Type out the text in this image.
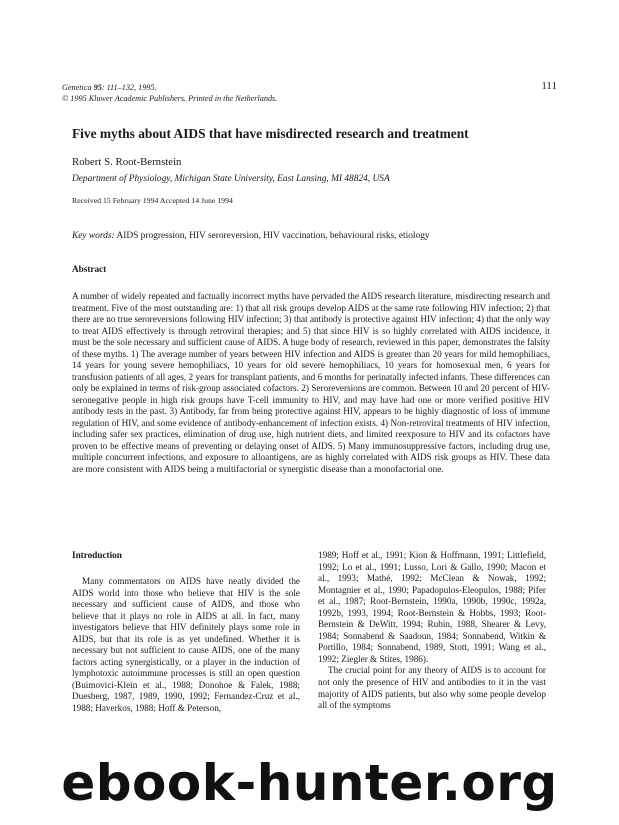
Genetica 95: 111–132, 1995.
© 1995 Kluwer Academic Publishers. Printed in the Netherlands.
111
Five myths about AIDS that have misdirected research and treatment
Robert S. Root-Bernstein
Department of Physiology, Michigan State University, East Lansing, MI 48824, USA
Received 15 February 1994 Accepted 14 June 1994
Key words: AIDS progression, HIV seroreversion, HIV vaccination, behavioural risks, etiology
Abstract
A number of widely repeated and factually incorrect myths have pervaded the AIDS research literature, misdirecting research and treatment. Five of the most outstanding are: 1) that all risk groups develop AIDS at the same rate following HIV infection; 2) that there are no true seroreversions following HIV infection; 3) that antibody is protective against HIV infection; 4) that the only way to treat AIDS effectively is through retroviral therapies; and 5) that since HIV is so highly correlated with AIDS incidence, it must be the sole necessary and sufficient cause of AIDS. A huge body of research, reviewed in this paper, demonstrates the falsity of these myths. 1) The average number of years between HIV infection and AIDS is greater than 20 years for mild hemophiliacs, 14 years for young severe hemophiliacs, 10 years for old severe hemophiliacs, 10 years for homosexual men, 6 years for transfusion patients of all ages, 2 years for transplant patients, and 6 months for perinatally infected infants. These differences can only be explained in terms of risk-group associated cofactors. 2) Seroreversions are common. Between 10 and 20 percent of HIV-seronegative people in high risk groups have T-cell immunity to HIV, and may have had one or more verified positive HIV antibody tests in the past. 3) Antibody, far from being protective against HIV, appears to be highly diagnostic of loss of immune regulation of HIV, and some evidence of antibody-enhancement of infection exists. 4) Non-retroviral treatments of HIV infection, including safer sex practices, elimination of drug use, high nutrient diets, and limited reexposure to HIV and its cofactors have proven to be effective means of preventing or delaying onset of AIDS. 5) Many immunosuppressive factors, including drug use, multiple concurrent infections, and exposure to alloantigens, are as highly correlated with AIDS risk groups as HIV. These data are more consistent with AIDS being a multifactorial or synergistic disease than a monofactorial one.
Introduction

Many commentators on AIDS have neatly divided the AIDS world into those who believe that HIV is the sole necessary and sufficient cause of AIDS, and those who believe that it plays no role in AIDS at all. In fact, many investigators believe that HIV definitely plays some role in AIDS, but that its role is as yet undefined. Whether it is necessary but not sufficient to cause AIDS, one of the many factors acting synergistically, or a player in the induction of lymphotoxic autoimmune processes is still an open question (Buimovici-Klein et al., 1988; Donohoe & Falek, 1988; Duesberg, 1987, 1989, 1990, 1992; Fernandez-Cruz et al., 1988; Haverkos, 1988; Hoff & Peterson,

1989; Hoff et al., 1991; Kion & Hoffmann, 1991; Littlefield, 1992; Lo et al., 1991; Lusso, Lori & Gallo, 1990; Macon et al., 1993; Mathé, 1992; McClean & Nowak, 1992; Montagnier et al., 1990; Papadopulos-Eleopulos, 1988; Pifer et al., 1987; Root-Bernstein, 1990a, 1990b, 1990c, 1992a, 1992b, 1993, 1994; Root-Bernstein & Hobbs, 1993; Root-Bernstein & DeWitt, 1994; Rubin, 1988, Shearer & Levy, 1984; Sonnabend & Saadoun, 1984; Sonnabend, Witkin & Portillo, 1984; Sonnabend, 1989, Stott, 1991; Wang et al., 1992; Ziegler & Stites, 1986).

The crucial point for any theory of AIDS is to account for not only the presence of HIV and antibodies to it in the vast majority of AIDS patients, but also why some people develop all of the symptoms

ebook-hunter.org
